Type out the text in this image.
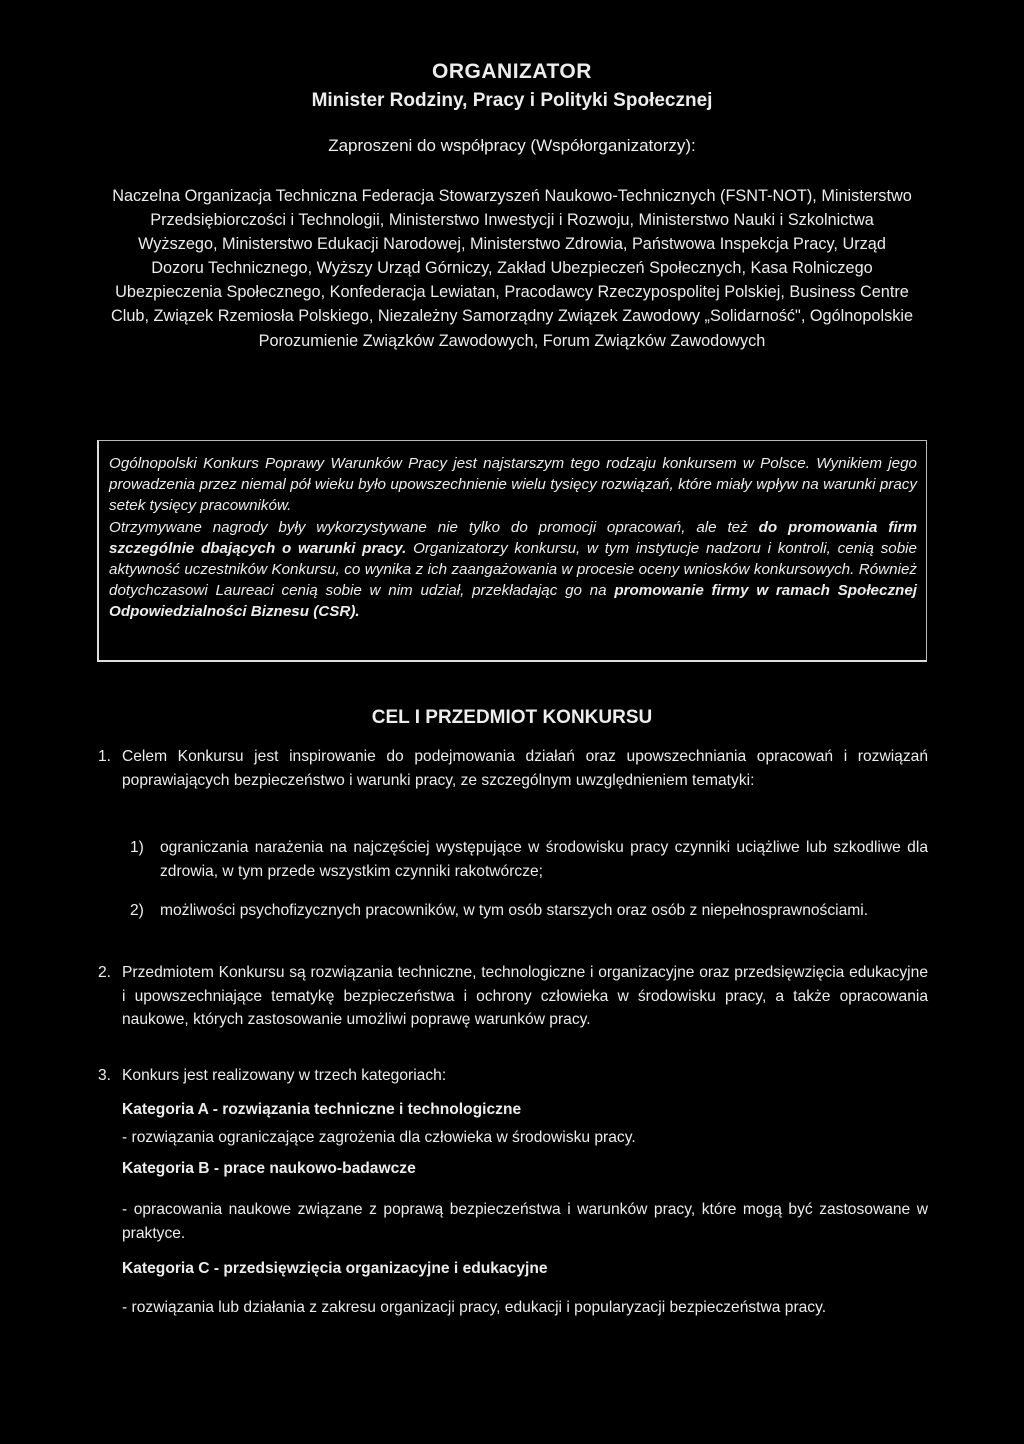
ORGANIZATOR
Minister Rodziny, Pracy i Polityki Społecznej
Zaproszeni do współpracy (Współorganizatorzy):
Naczelna Organizacja Techniczna Federacja Stowarzyszeń Naukowo-Technicznych (FSNT-NOT), Ministerstwo Przedsiębiorczości i Technologii, Ministerstwo Inwestycji i Rozwoju, Ministerstwo Nauki i Szkolnictwa Wyższego, Ministerstwo Edukacji Narodowej, Ministerstwo Zdrowia, Państwowa Inspekcja Pracy, Urząd Dozoru Technicznego, Wyższy Urząd Górniczy, Zakład Ubezpieczeń Społecznych, Kasa Rolniczego Ubezpieczenia Społecznego, Konfederacja Lewiatan, Pracodawcy Rzeczypospolitej Polskiej, Business Centre Club, Związek Rzemiosła Polskiego, Niezależny Samorządny Związek Zawodowy „Solidarność", Ogólnopolskie Porozumienie Związków Zawodowych, Forum Związków Zawodowych

Ogólnopolski Konkurs Poprawy Warunków Pracy jest najstarszym tego rodzaju konkursem w Polsce. Wynikiem jego prowadzenia przez niemal pół wieku było upowszechnienie wielu tysięcy rozwiązań, które miały wpływ na warunki pracy setek tysięcy pracowników.

Otrzymywane nagrody były wykorzystywane nie tylko do promocji opracowań, ale też do promowania firm szczególnie dbających o warunki pracy. Organizatorzy konkursu, w tym instytucje nadzoru i kontroli, cenią sobie aktywność uczestników Konkursu, co wynika z ich zaangażowania w procesie oceny wniosków konkursowych. Również dotychczasowi Laureaci cenią sobie w nim udział, przekładając go na promowanie firmy w ramach Społecznej Odpowiedzialności Biznesu (CSR).

CEL I PRZEDMIOT KONKURSU
1. Celem Konkursu jest inspirowanie do podejmowania działań oraz upowszechniania opracowań i rozwiązań poprawiających bezpieczeństwo i warunki pracy, ze szczególnym uwzględnieniem tematyki:
1) ograniczania narażenia na najczęściej występujące w środowisku pracy czynniki uciążliwe lub szkodliwe dla zdrowia, w tym przede wszystkim czynniki rakotwórcze;
2) możliwości psychofizycznych pracowników, w tym osób starszych oraz osób z niepełnosprawnościami.
2. Przedmiotem Konkursu są rozwiązania techniczne, technologiczne i organizacyjne oraz przedsięwzięcia edukacyjne i upowszechniające tematykę bezpieczeństwa i ochrony człowieka w środowisku pracy, a także opracowania naukowe, których zastosowanie umożliwi poprawę warunków pracy.
3. Konkurs jest realizowany w trzech kategoriach:
Kategoria A - rozwiązania techniczne i technologiczne
- rozwiązania ograniczające zagrożenia dla człowieka w środowisku pracy.
Kategoria B - prace naukowo-badawcze
- opracowania naukowe związane z poprawą bezpieczeństwa i warunków pracy, które mogą być zastosowane w praktyce.
Kategoria C - przedsięwzięcia organizacyjne i edukacyjne
- rozwiązania lub działania z zakresu organizacji pracy, edukacji i popularyzacji bezpieczeństwa pracy.
